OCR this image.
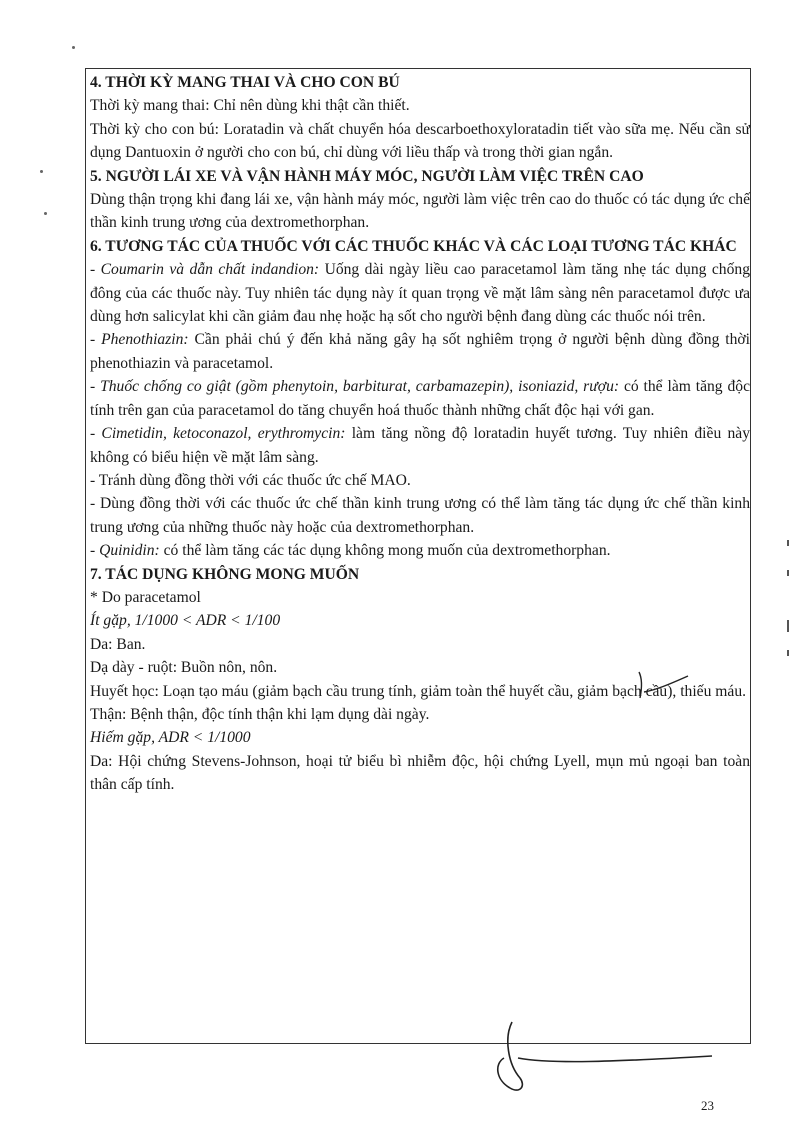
4. THỜI KỲ MANG THAI VÀ CHO CON BÚ

Thời kỳ mang thai: Chỉ nên dùng khi thật cần thiết.

Thời kỳ cho con bú: Loratadin và chất chuyển hóa descarboethoxyloratadin tiết vào sữa mẹ. Nếu cần sử dụng Dantuoxin ở người cho con bú, chỉ dùng với liều thấp và trong thời gian ngắn.

5. NGƯỜI LÁI XE VÀ VẬN HÀNH MÁY MÓC, NGƯỜI LÀM VIỆC TRÊN CAO

Dùng thận trọng khi đang lái xe, vận hành máy móc, người làm việc trên cao do thuốc có tác dụng ức chế thần kinh trung ương của dextromethorphan.

6. TƯƠNG TÁC CỦA THUỐC VỚI CÁC THUỐC KHÁC VÀ CÁC LOẠI TƯƠNG TÁC KHÁC

- Coumarin và dẫn chất indandion: Uống dài ngày liều cao paracetamol làm tăng nhẹ tác dụng chống đông của các thuốc này. Tuy nhiên tác dụng này ít quan trọng về mặt lâm sàng nên paracetamol được ưa dùng hơn salicylat khi cần giảm đau nhẹ hoặc hạ sốt cho người bệnh đang dùng các thuốc nói trên.

- Phenothiazin: Cần phải chú ý đến khả năng gây hạ sốt nghiêm trọng ở người bệnh dùng đồng thời phenothiazin và paracetamol.

- Thuốc chống co giật (gồm phenytoin, barbiturat, carbamazepin), isoniazid, rượu: có thể làm tăng độc tính trên gan của paracetamol do tăng chuyển hoá thuốc thành những chất độc hại với gan.

- Cimetidin, ketoconazol, erythromycin: làm tăng nồng độ loratadin huyết tương. Tuy nhiên điều này không có biểu hiện về mặt lâm sàng.

- Tránh dùng đồng thời với các thuốc ức chế MAO.

- Dùng đồng thời với các thuốc ức chế thần kinh trung ương có thể làm tăng tác dụng ức chế thần kinh trung ương của những thuốc này hoặc của dextromethorphan.

- Quinidin: có thể làm tăng các tác dụng không mong muốn của dextromethorphan.

7. TÁC DỤNG KHÔNG MONG MUỐN

* Do paracetamol

Ít gặp, 1/1000 < ADR < 1/100

Da: Ban.

Dạ dày - ruột: Buồn nôn, nôn.

Huyết học: Loạn tạo máu (giảm bạch cầu trung tính, giảm toàn thể huyết cầu, giảm bạch cầu), thiếu máu.

Thận: Bệnh thận, độc tính thận khi lạm dụng dài ngày.

Hiếm gặp, ADR < 1/1000

Da: Hội chứng Stevens-Johnson, hoại tử biểu bì nhiễm độc, hội chứng Lyell, mụn mủ ngoại ban toàn thân cấp tính.

23
